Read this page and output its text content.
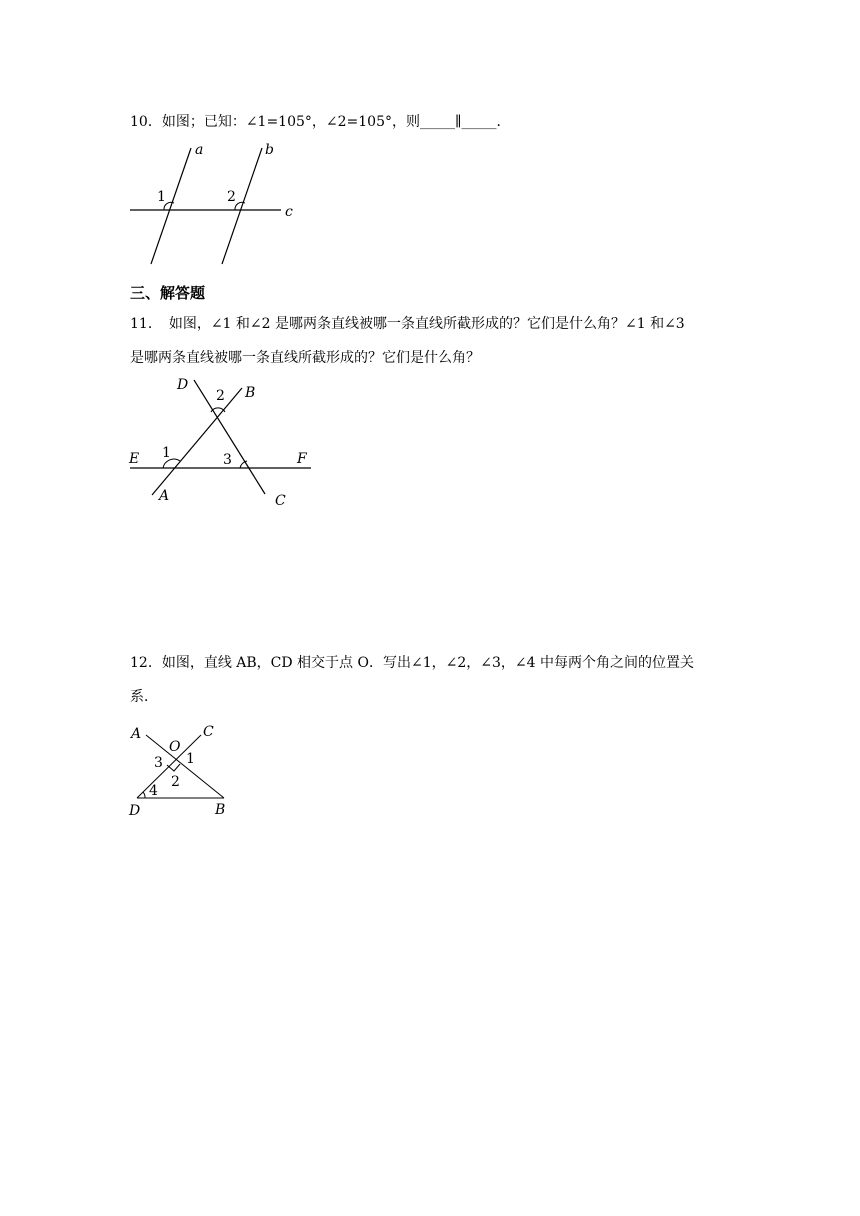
10．如图；已知：∠1=105°，∠2=105°，则_____∥_____．
a	b
c
1	2
三、解答题
11．　如图，∠1 和∠2 是哪两条直线被哪一条直线所截形成的？它们是什么角？∠1 和∠3
是哪两条直线被哪一条直线所截形成的？它们是什么角？
D	B
E	F
A	C
1
2
3
12．如图，直线 AB，CD 相交于点 O．写出∠1，∠2，∠3，∠4 中每两个角之间的位置关
系．
A	C
O
D	B
3 1
2
4
